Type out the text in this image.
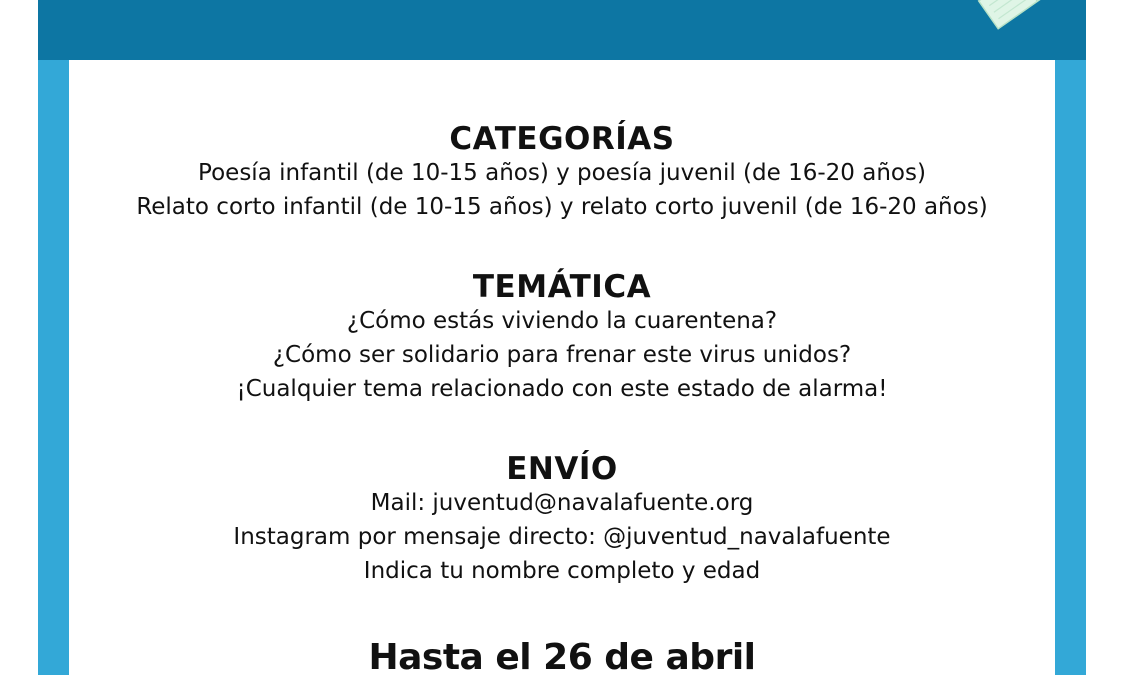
CATEGORÍAS

Poesía infantil (de 10-15 años) y poesía juvenil (de 16-20 años)

Relato corto infantil (de 10-15 años) y relato corto juvenil (de 16-20 años)

TEMÁTICA

¿Cómo estás viviendo la cuarentena?

¿Cómo ser solidario para frenar este virus unidos?

¡Cualquier tema relacionado con este estado de alarma!

ENVÍO

Mail: juventud@navalafuente.org

Instagram por mensaje directo: @juventud_navalafuente

Indica tu nombre completo y edad

Hasta el 26 de abril
